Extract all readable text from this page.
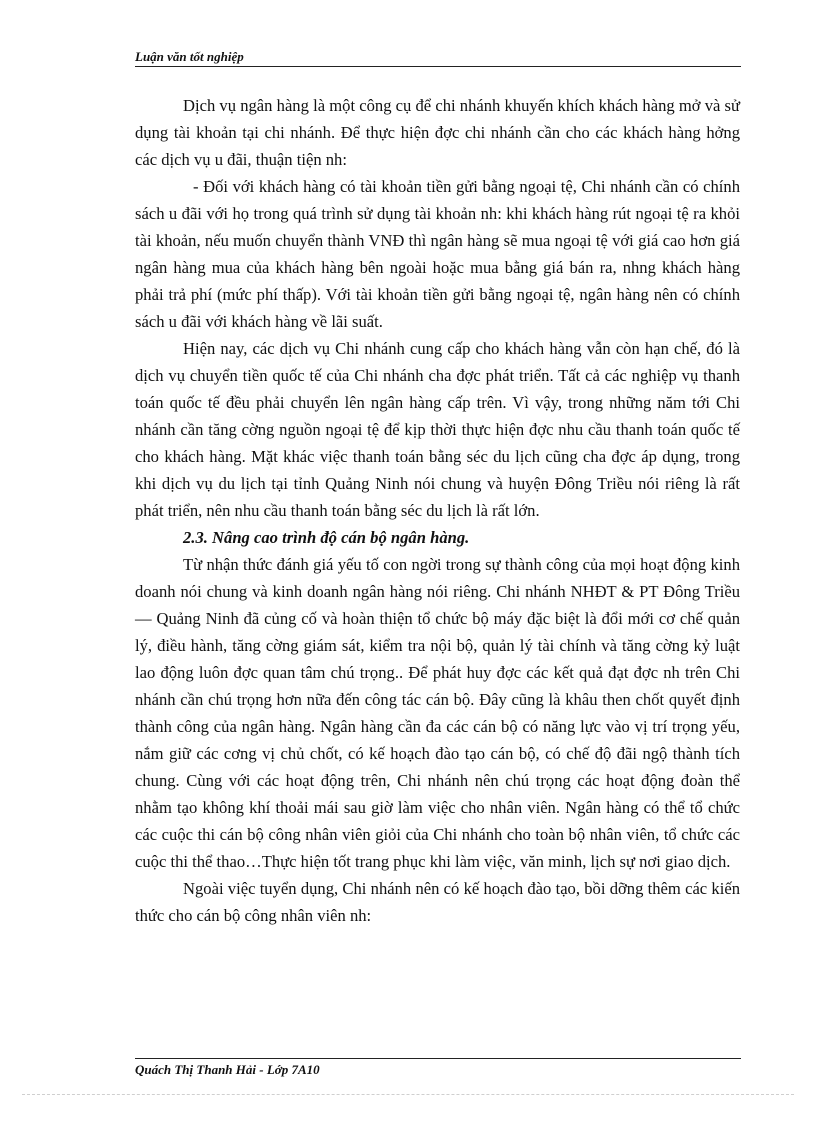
Luận văn tốt nghiệp

Dịch vụ ngân hàng là một công cụ để chi nhánh khuyến khích khách hàng mở và sử dụng tài khoản tại chi nhánh. Để thực hiện đợc chi nhánh cần cho các khách hàng hởng các dịch vụ u đãi, thuận tiện nh:

- Đối với khách hàng có tài khoản tiền gửi bằng ngoại tệ, Chi nhánh cần có chính sách u đãi với họ trong quá trình sử dụng tài khoản nh: khi khách hàng rút ngoại tệ ra khỏi tài khoản, nếu muốn chuyển thành VNĐ thì ngân hàng sẽ mua ngoại tệ với giá cao hơn giá ngân hàng mua của khách hàng bên ngoài hoặc mua bằng giá bán ra, nhng khách hàng phải trả phí (mức phí thấp). Với tài khoản tiền gửi bằng ngoại tệ, ngân hàng nên có chính sách u đãi với khách hàng về lãi suất.

Hiện nay, các dịch vụ Chi nhánh cung cấp cho khách hàng vẫn còn hạn chế, đó là dịch vụ chuyển tiền quốc tế của Chi nhánh cha đợc phát triển. Tất cả các nghiệp vụ thanh toán quốc tế đều phải chuyển lên ngân hàng cấp trên. Vì vậy, trong những năm tới Chi nhánh cần tăng cờng nguồn ngoại tệ để kịp thời thực hiện đợc nhu cầu thanh toán quốc tế cho khách hàng. Mặt khác việc thanh toán bằng séc du lịch cũng cha đợc áp dụng, trong khi dịch vụ du lịch tại tỉnh Quảng Ninh nói chung và huyện Đông Triều nói riêng là rất phát triển, nên nhu cầu thanh toán bằng séc du lịch là rất lớn.

2.3. Nâng cao trình độ cán bộ ngân hàng.

Từ nhận thức đánh giá yếu tố con ngời trong sự thành công của mọi hoạt động kinh doanh nói chung và kinh doanh ngân hàng nói riêng. Chi nhánh NHĐT & PT Đông Triều — Quảng Ninh đã củng cố và hoàn thiện tổ chức bộ máy đặc biệt là đổi mới cơ chế quản lý, điều hành, tăng cờng giám sát, kiểm tra nội bộ, quản lý tài chính và tăng cờng kỷ luật lao động luôn đợc quan tâm chú trọng.. Để phát huy đợc các kết quả đạt đợc nh trên Chi nhánh cần chú trọng hơn nữa đến công tác cán bộ. Đây cũng là khâu then chốt quyết định thành công của ngân hàng. Ngân hàng cần đa các cán bộ có năng lực vào vị trí trọng yếu, nắm giữ các cơng vị chủ chốt, có kế hoạch đào tạo cán bộ, có chế độ đãi ngộ thành tích chung. Cùng với các hoạt động trên, Chi nhánh nên chú trọng các hoạt động đoàn thể nhằm tạo không khí thoải mái sau giờ làm việc cho nhân viên. Ngân hàng có thể tổ chức các cuộc thi cán bộ công nhân viên giỏi của Chi nhánh cho toàn bộ nhân viên, tổ chức các cuộc thi thể thao…Thực hiện tốt trang phục khi làm việc, văn minh, lịch sự nơi giao dịch.

Ngoài việc tuyển dụng, Chi nhánh nên có kế hoạch đào tạo, bồi dỡng thêm các kiến thức cho cán bộ công nhân viên nh:

Quách Thị Thanh Hải - Lớp 7A10
